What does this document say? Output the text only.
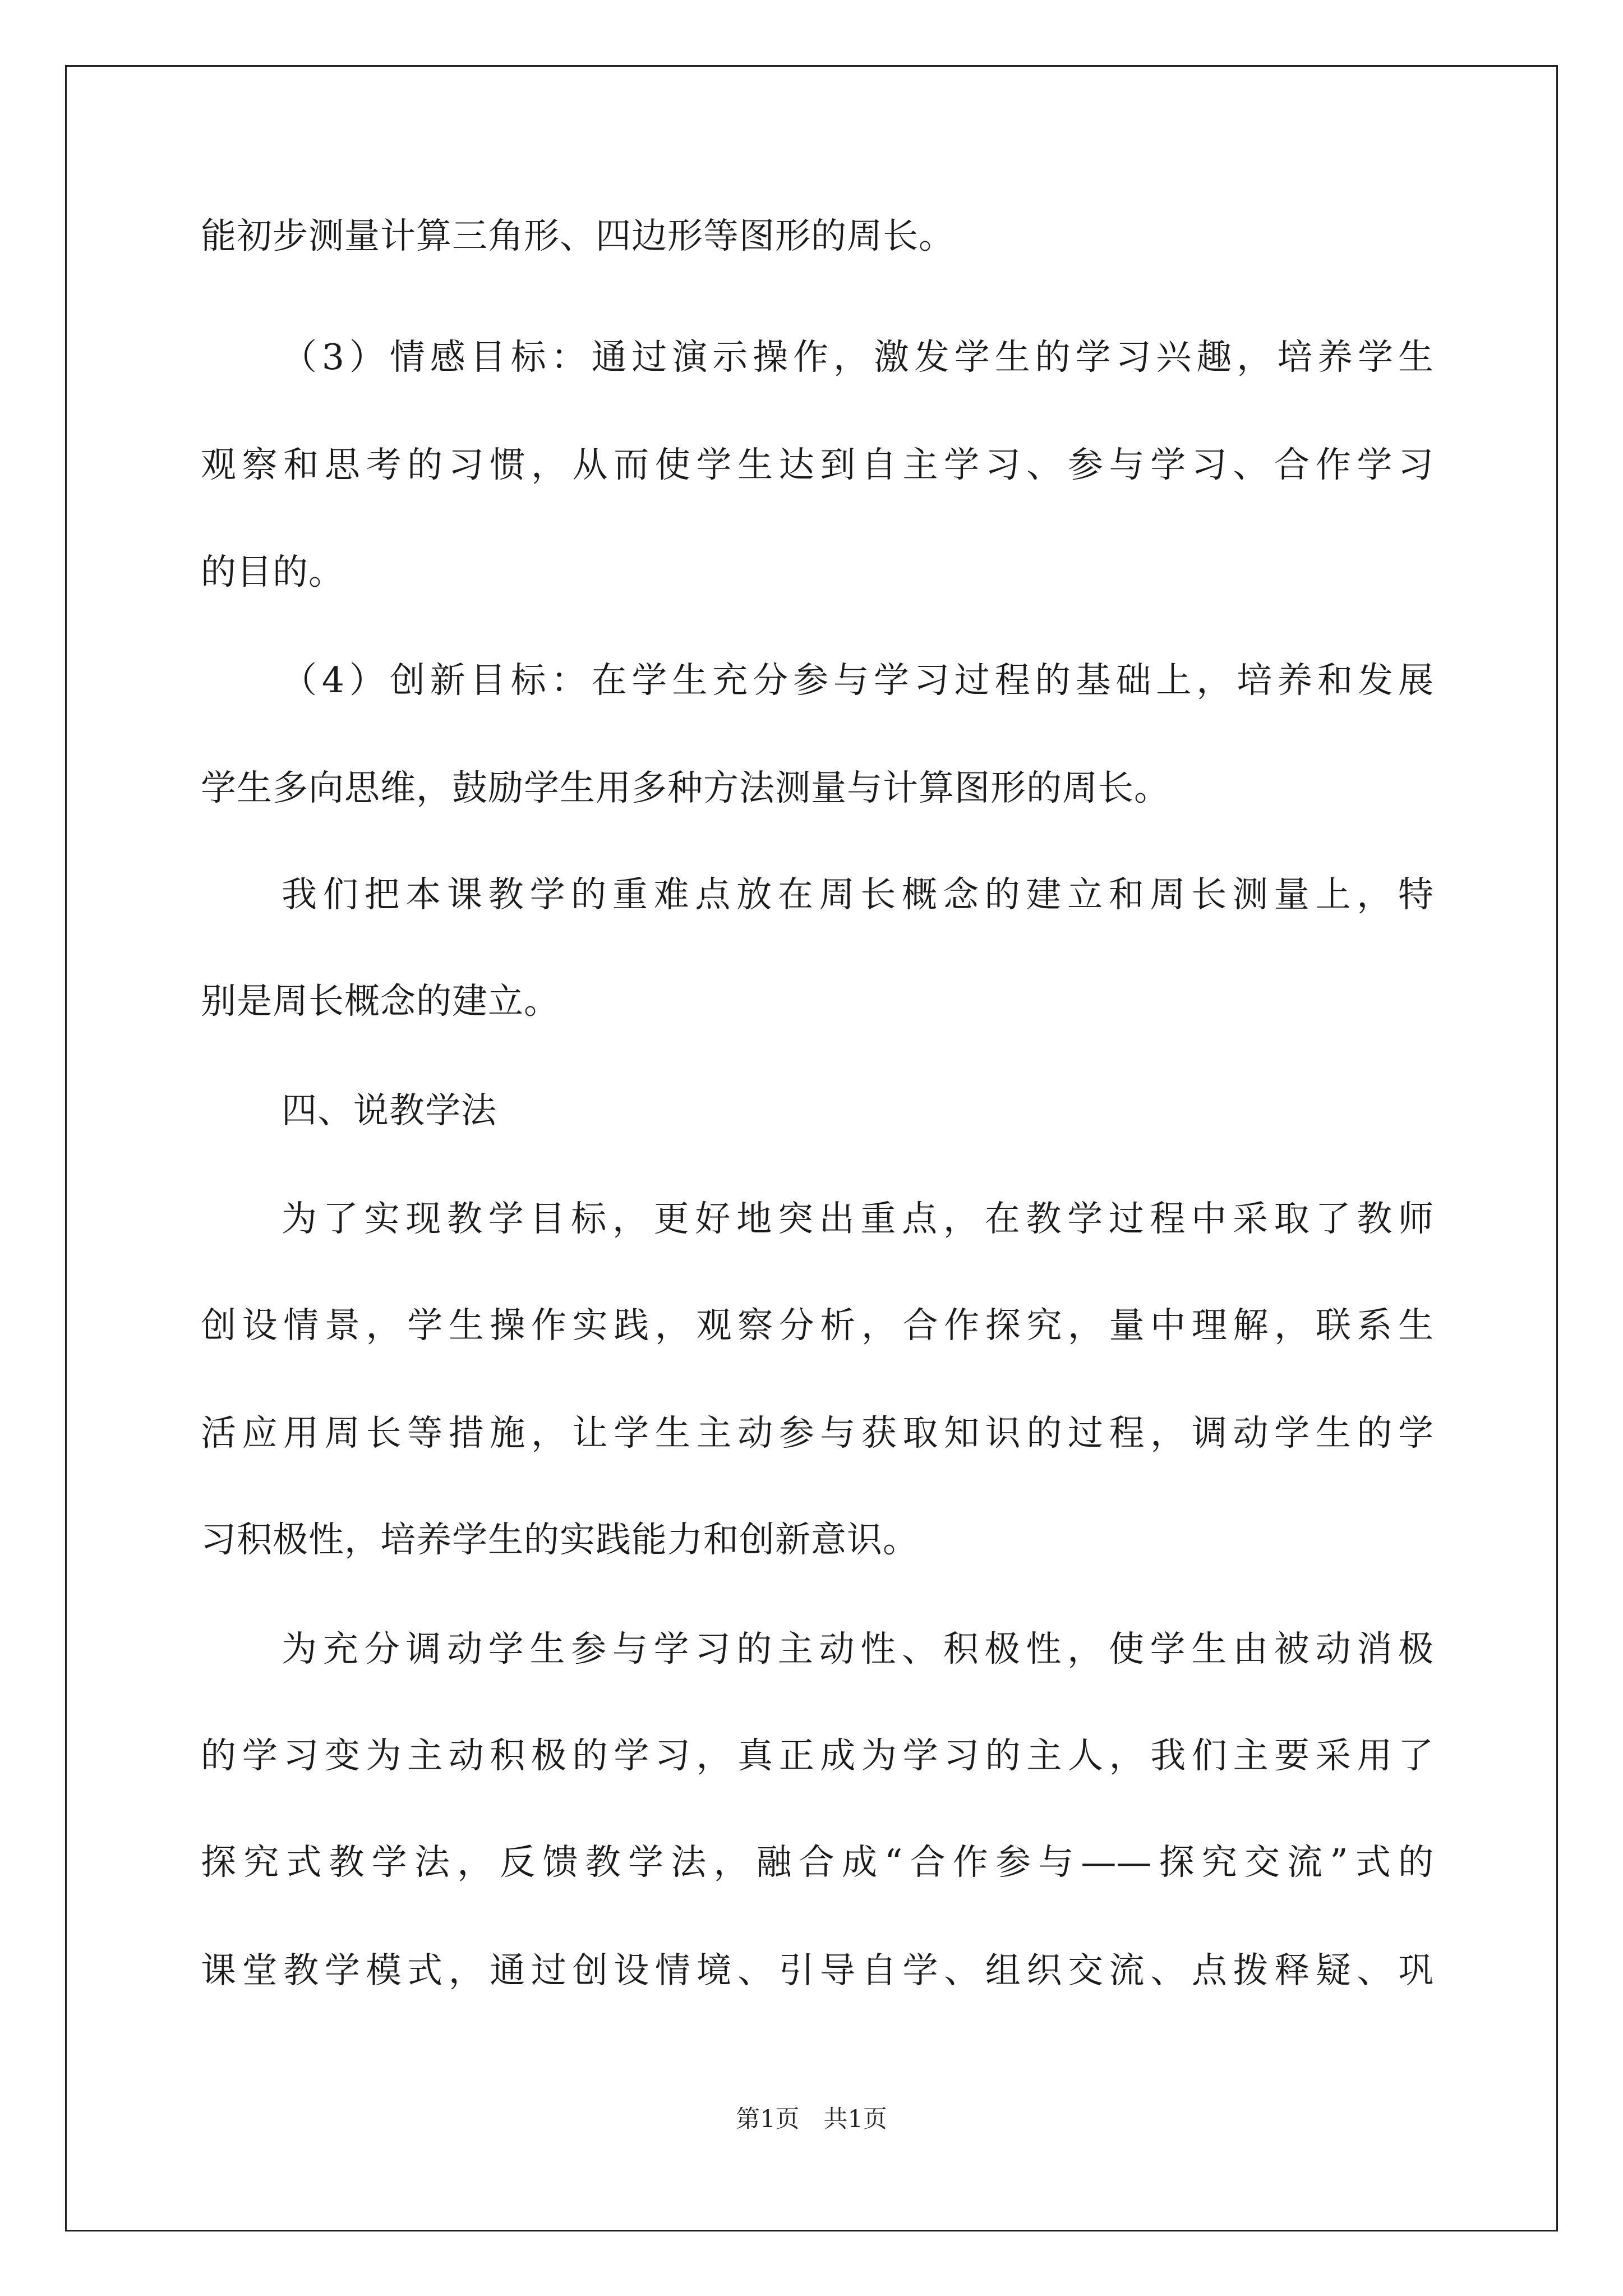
能初步测量计算三角形、四边形等图形的周长。
（3）情感目标：通过演示操作，激发学生的学习兴趣，培养学生
观察和思考的习惯，从而使学生达到自主学习、参与学习、合作学习
的目的。
（4）创新目标：在学生充分参与学习过程的基础上，培养和发展
学生多向思维，鼓励学生用多种方法测量与计算图形的周长。
我们把本课教学的重难点放在周长概念的建立和周长测量上，特
别是周长概念的建立。
四、说教学法
为了实现教学目标，更好地突出重点，在教学过程中采取了教师
创设情景，学生操作实践，观察分析，合作探究，量中理解，联系生
活应用周长等措施，让学生主动参与获取知识的过程，调动学生的学
习积极性，培养学生的实践能力和创新意识。
为充分调动学生参与学习的主动性、积极性，使学生由被动消极
的学习变为主动积极的学习，真正成为学习的主人，我们主要采用了
探究式教学法，反馈教学法，融合成“合作参与——探究交流”式的
课堂教学模式，通过创设情境、引导自学、组织交流、点拨释疑、巩
第1页　共1页
